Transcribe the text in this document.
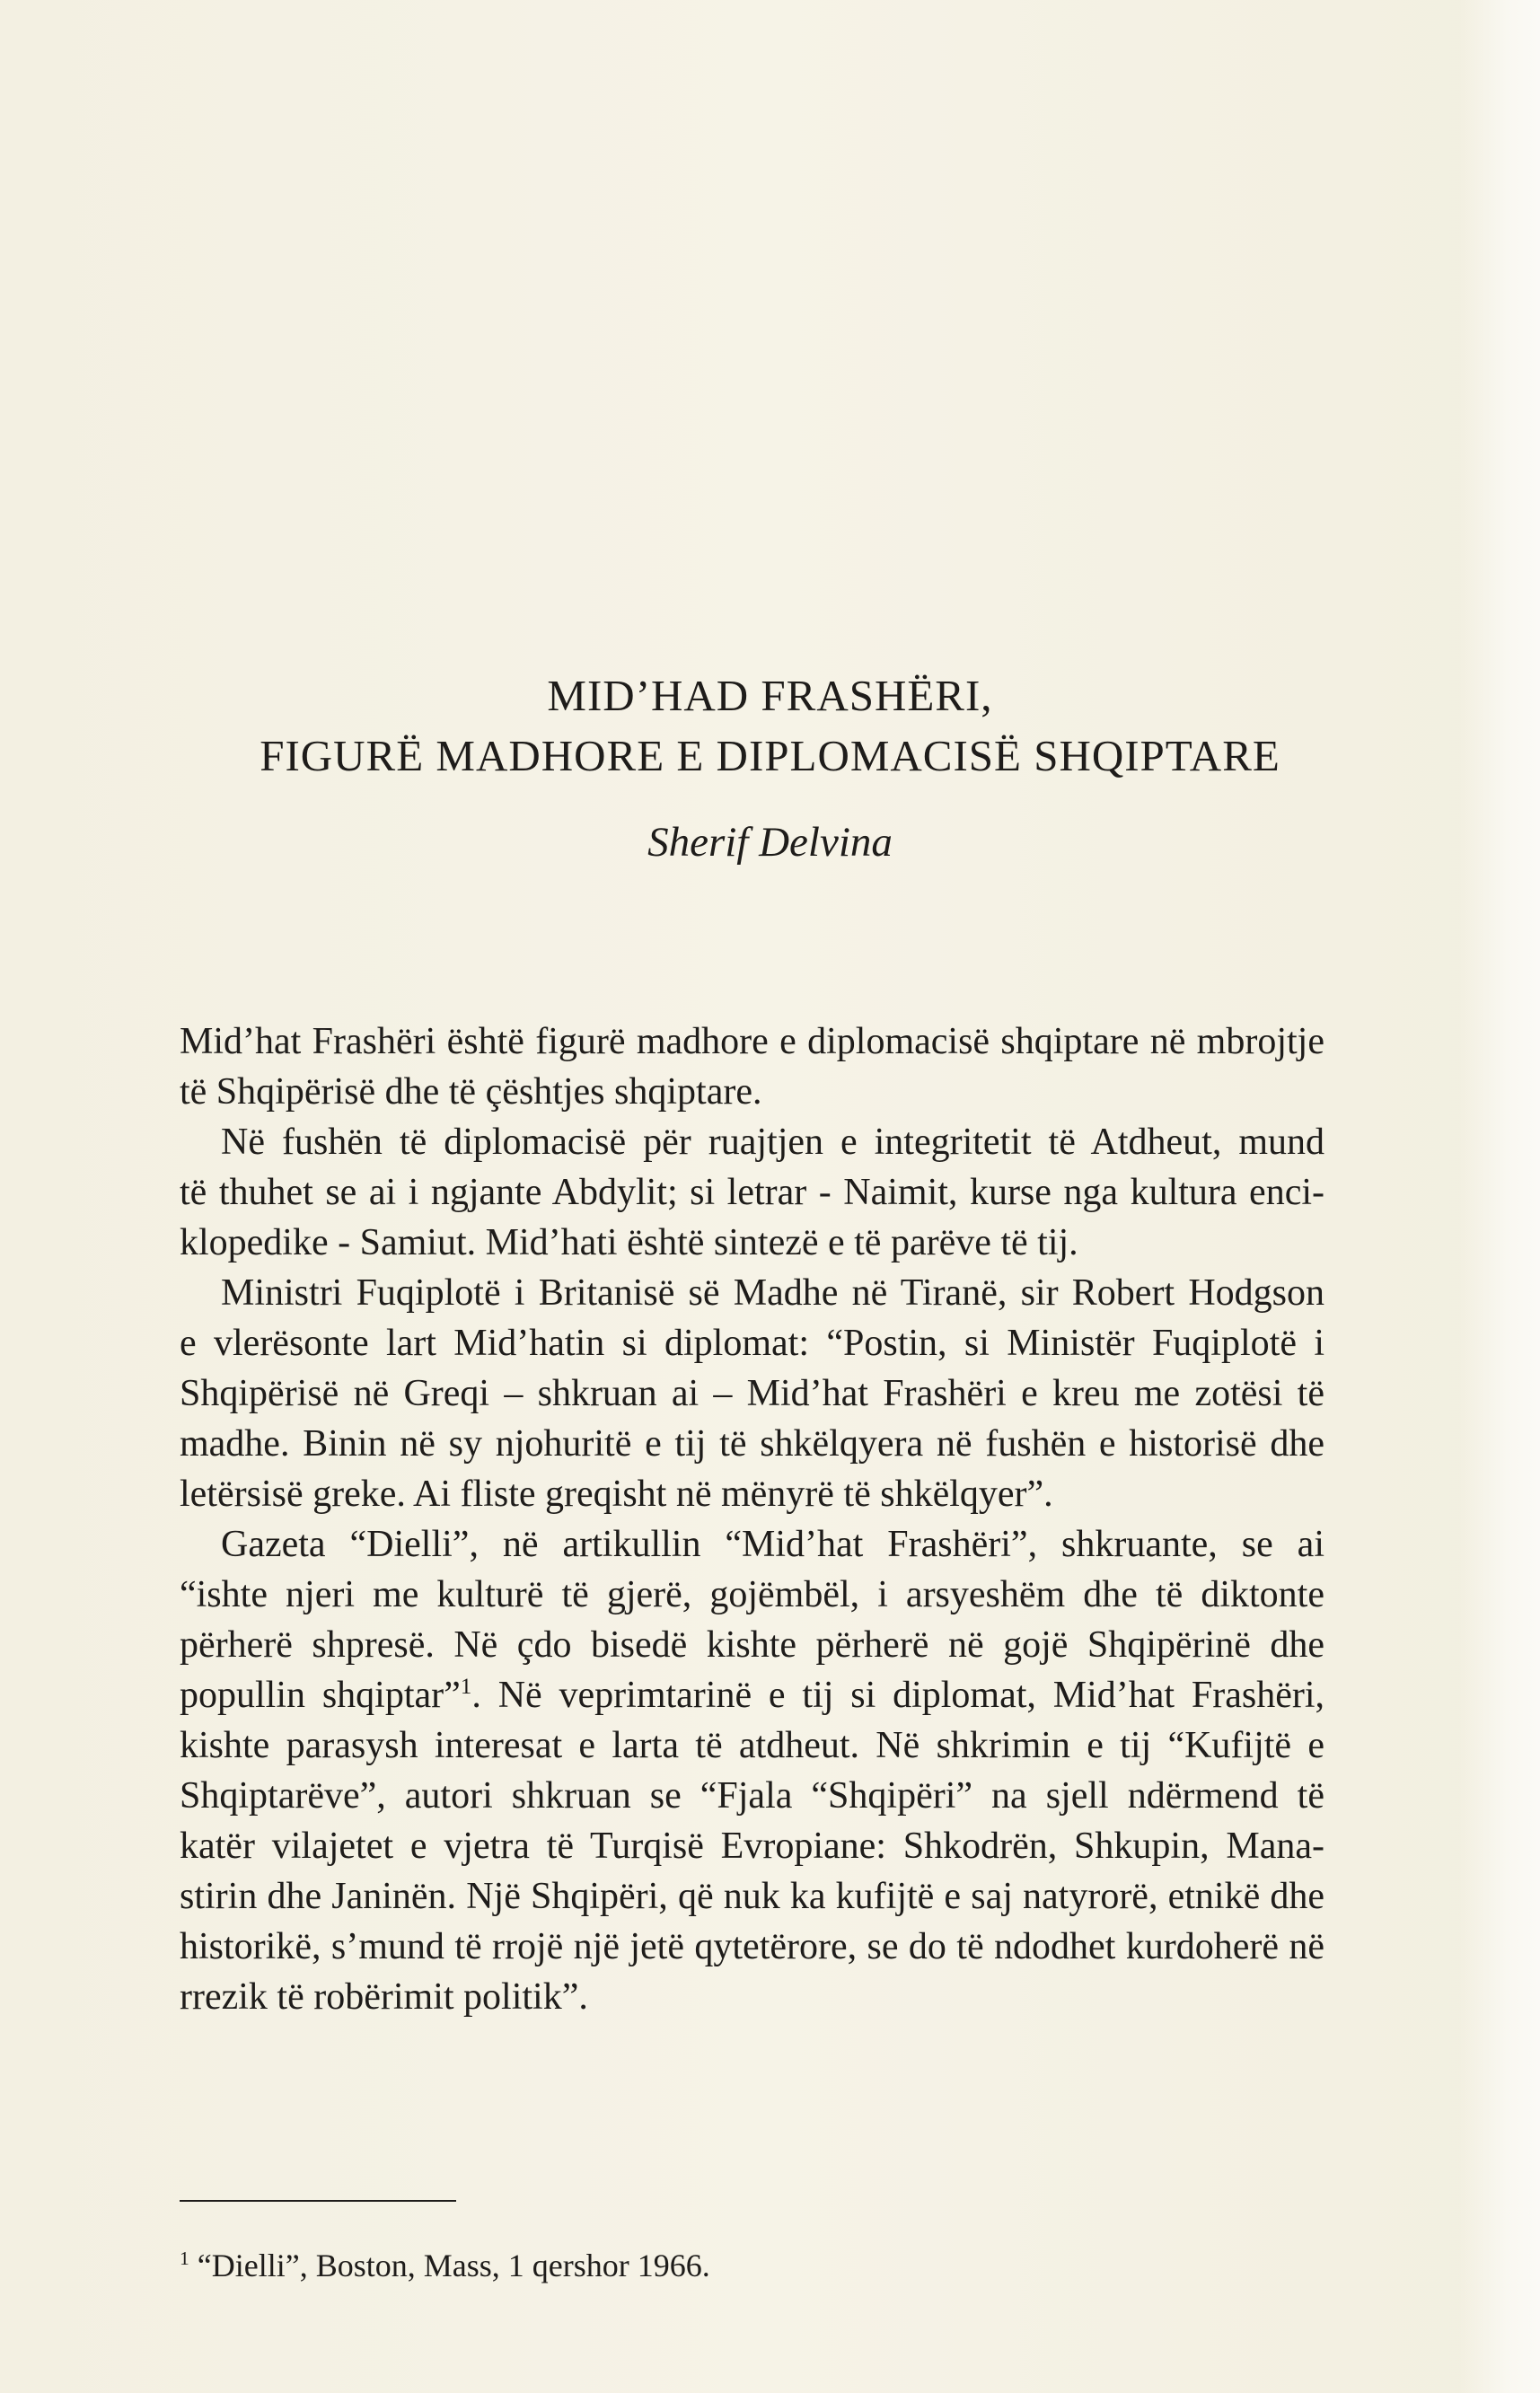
MID’HAD FRASHËRI,
FIGURË MADHORE E DIPLOMACISË SHQIPTARE
Sherif Delvina
Mid’hat Frashëri është figurë madhore e diplomacisë shqiptare në mbrojtje
të Shqipërisë dhe të çështjes shqiptare.
Në fushën të diplomacisë për ruajtjen e integritetit të Atdheut, mund
të thuhet se ai i ngjante Abdylit; si letrar - Naimit, kurse nga kultura enci-
klopedike - Samiut. Mid’hati është sintezë e të parëve të tij.
Ministri Fuqiplotë i Britanisë së Madhe në Tiranë, sir Robert Hodgson
e vlerësonte lart Mid’hatin si diplomat: “Postin, si Ministër Fuqiplotë i
Shqipërisë në Greqi – shkruan ai – Mid’hat Frashëri e kreu me zotësi të
madhe. Binin në sy njohuritë e tij të shkëlqyera në fushën e historisë dhe
letërsisë greke. Ai fliste greqisht në mënyrë të shkëlqyer”.
Gazeta “Dielli”, në artikullin “Mid’hat Frashëri”, shkruante, se ai
“ishte njeri me kulturë të gjerë, gojëmbël, i arsyeshëm dhe të diktonte
përherë shpresë. Në çdo bisedë kishte përherë në gojë Shqipërinë dhe
popullin shqiptar”$^1$. Në veprimtarinë e tij si diplomat, Mid’hat Frashëri,
kishte parasysh interesat e larta të atdheut. Në shkrimin e tij “Kufijtë e
Shqiptarëve”, autori shkruan se “Fjala “Shqipëri” na sjell ndërmend të
katër vilajetet e vjetra të Turqisë Evropiane: Shkodrën, Shkupin, Mana-
stirin dhe Janinën. Një Shqipëri, që nuk ka kufijtë e saj natyrorë, etnikë dhe
historikë, s’mund të rrojë një jetë qytetërore, se do të ndodhet kurdoherë në
rrezik të robërimit politik”.
$^1$ “Dielli”, Boston, Mass, 1 qershor 1966.
